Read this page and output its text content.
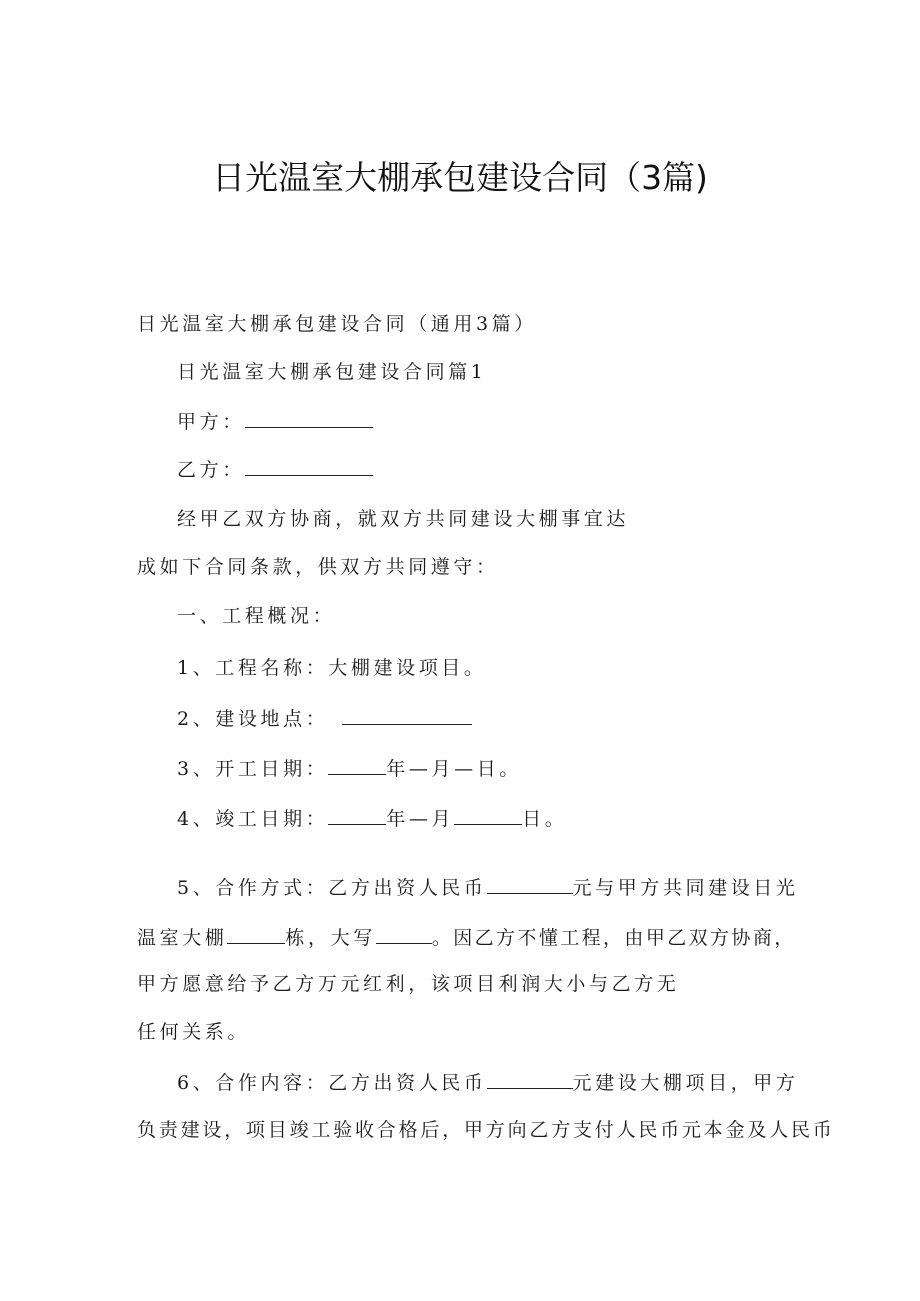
日光温室大棚承包建设合同（3篇)
日光温室大棚承包建设合同（通用3篇）
日光温室大棚承包建设合同篇1
甲方：
乙方：
经甲乙双方协商，就双方共同建设大棚事宜达
成如下合同条款，供双方共同遵守：
一、工程概况：
1、工程名称：大棚建设项目。
2、建设地点：
3、开工日期：	年—月—日。
4、竣工日期：	年—月	日。
5、合作方式：乙方出资人民币	元与甲方共同建设日光
温室大棚	栋，大写	。因乙方不懂工程，由甲乙双方协商，
甲方愿意给予乙方万元红利，该项目利润大小与乙方无
任何关系。
6、合作内容：乙方出资人民币	元建设大棚项目，甲方
负责建设，项目竣工验收合格后，甲方向乙方支付人民币元本金及人民币
